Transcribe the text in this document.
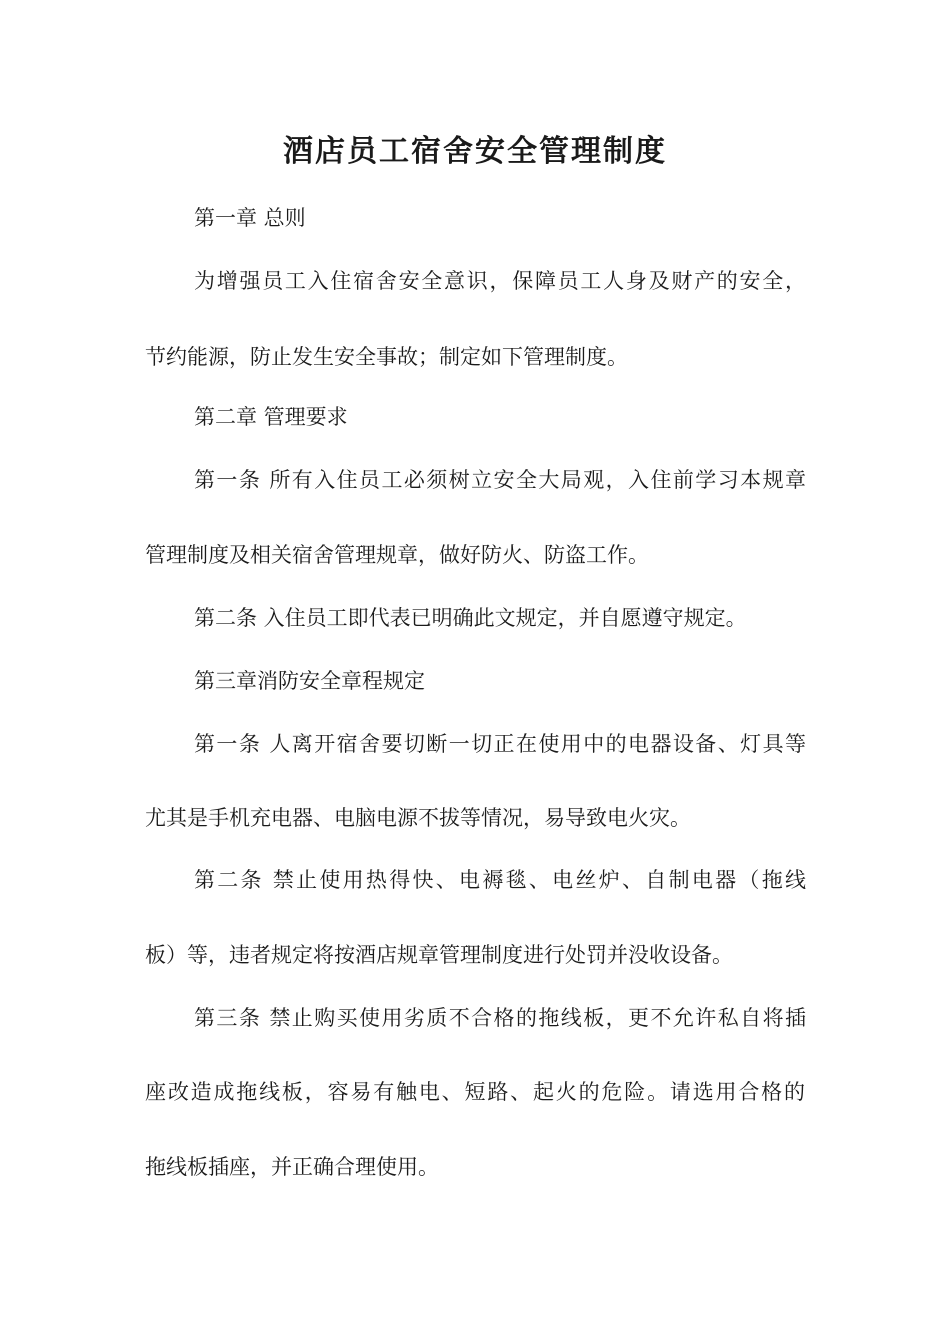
酒店员工宿舍安全管理制度

第一章 总则

为增强员工入住宿舍安全意识，保障员工人身及财产的安全，

节约能源，防止发生安全事故；制定如下管理制度。

第二章 管理要求

第一条 所有入住员工必须树立安全大局观，入住前学习本规章

管理制度及相关宿舍管理规章，做好防火、防盗工作。

第二条 入住员工即代表已明确此文规定，并自愿遵守规定。

第三章消防安全章程规定

第一条 人离开宿舍要切断一切正在使用中的电器设备、灯具等

尤其是手机充电器、电脑电源不拔等情况，易导致电火灾。

第二条 禁止使用热得快、电褥毯、电丝炉、自制电器（拖线

板）等，违者规定将按酒店规章管理制度进行处罚并没收设备。

第三条 禁止购买使用劣质不合格的拖线板，更不允许私自将插

座改造成拖线板，容易有触电、短路、起火的危险。请选用合格的

拖线板插座，并正确合理使用。
